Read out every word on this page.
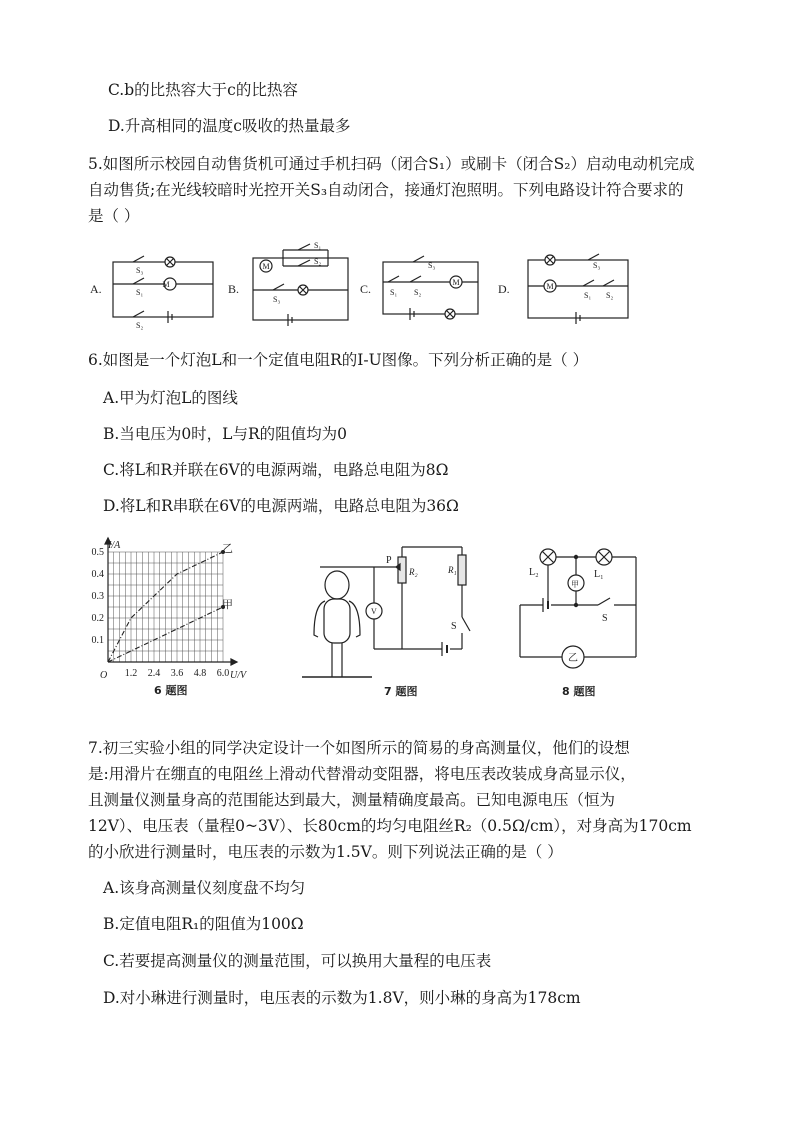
C.b的比热容大于c的比热容
D.升高相同的温度c吸收的热量最多
5.如图所示校园自动售货机可通过手机扫码（闭合S₁）或刷卡（闭合S₂）启动电动机完成
自动售货;在光线较暗时光控开关S₃自动闭合，接通灯泡照明。下列电路设计符合要求的
是（ ）
A.	B.	C.	D.
M
M
M	M
S₃
S₁
S₂
S₁
S₂
S₃
S₃
S₁ S₂
S₃
S₁ S₂
6.如图是一个灯泡L和一个定值电阻R的I-U图像。下列分析正确的是（ ）
A.甲为灯泡L的图线
B.当电压为0时，L与R的阻值均为0
C.将L和R并联在6V的电源两端，电路总电阻为8Ω
D.将L和R串联在6V的电源两端，电路总电阻为36Ω
1.2 2.4 3.6 4.8 6.0
0.1
0.2
0.3
0.4
0.5
I/A
U/V
O
乙
甲
6 题图
P
R₂	R₁
S
V
7 题图
L₂	L₁
甲
乙
S
8 题图
7.初三实验小组的同学决定设计一个如图所示的简易的身高测量仪，他们的设想
是:用滑片在绷直的电阻丝上滑动代替滑动变阻器，将电压表改装成身高显示仪，
且测量仪测量身高的范围能达到最大，测量精确度最高。已知电源电压（恒为
12V）、电压表（量程0~3V）、长80cm的均匀电阻丝R₂（0.5Ω/cm），对身高为170cm
的小欣进行测量时，电压表的示数为1.5V。则下列说法正确的是（ ）
A.该身高测量仪刻度盘不均匀
B.定值电阻R₁的阻值为100Ω
C.若要提高测量仪的测量范围，可以换用大量程的电压表
D.对小琳进行测量时，电压表的示数为1.8V，则小琳的身高为178cm
